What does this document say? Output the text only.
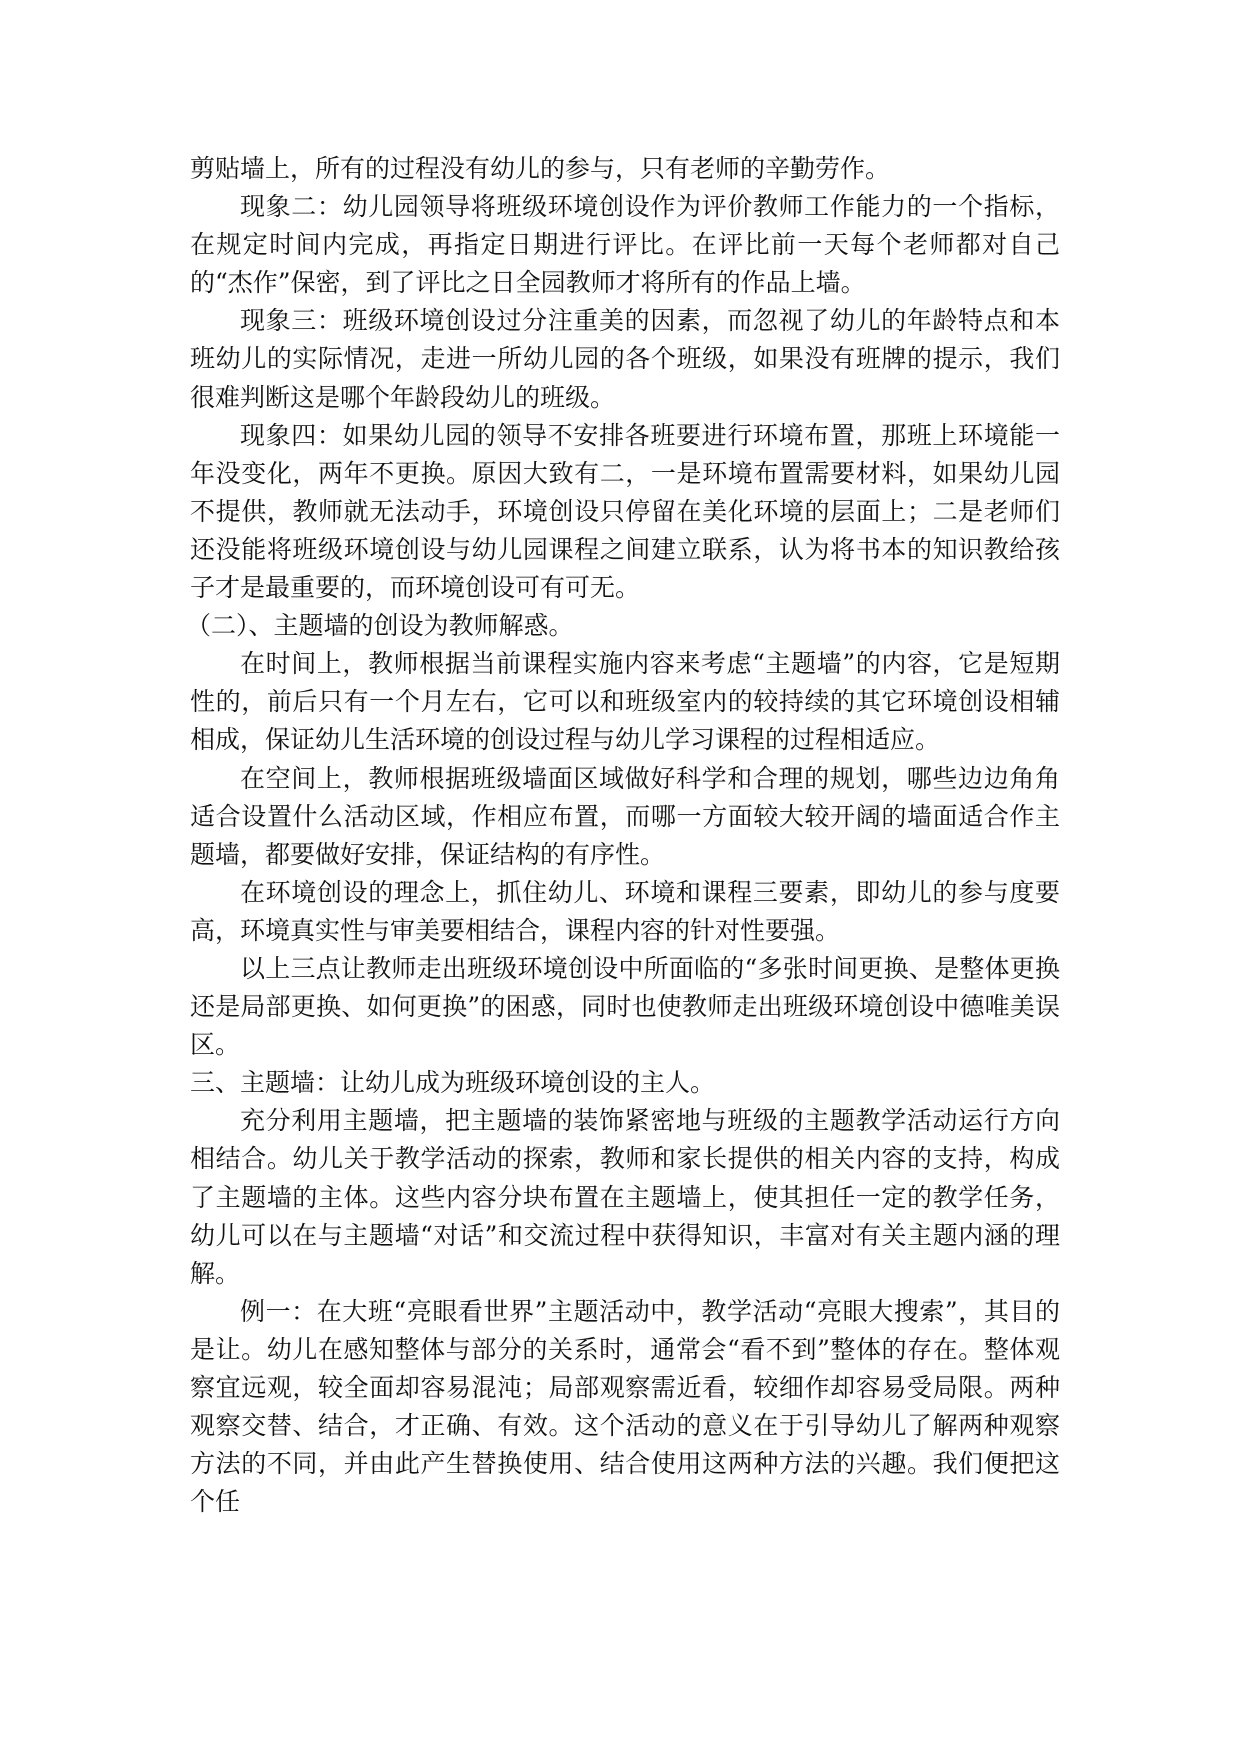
剪贴墙上，所有的过程没有幼儿的参与，只有老师的辛勤劳作。

现象二：幼儿园领导将班级环境创设作为评价教师工作能力的一个指标，在规定时间内完成，再指定日期进行评比。在评比前一天每个老师都对自己的“杰作”保密，到了评比之日全园教师才将所有的作品上墙。

现象三：班级环境创设过分注重美的因素，而忽视了幼儿的年龄特点和本班幼儿的实际情况，走进一所幼儿园的各个班级，如果没有班牌的提示，我们很难判断这是哪个年龄段幼儿的班级。

现象四：如果幼儿园的领导不安排各班要进行环境布置，那班上环境能一年没变化，两年不更换。原因大致有二，一是环境布置需要材料，如果幼儿园不提供，教师就无法动手，环境创设只停留在美化环境的层面上；二是老师们还没能将班级环境创设与幼儿园课程之间建立联系，认为将书本的知识教给孩子才是最重要的，而环境创设可有可无。

（二）、主题墙的创设为教师解惑。

在时间上，教师根据当前课程实施内容来考虑“主题墙”的内容，它是短期性的，前后只有一个月左右，它可以和班级室内的较持续的其它环境创设相辅相成，保证幼儿生活环境的创设过程与幼儿学习课程的过程相适应。

在空间上，教师根据班级墙面区域做好科学和合理的规划，哪些边边角角适合设置什么活动区域，作相应布置，而哪一方面较大较开阔的墙面适合作主题墙，都要做好安排，保证结构的有序性。

在环境创设的理念上，抓住幼儿、环境和课程三要素，即幼儿的参与度要高，环境真实性与审美要相结合，课程内容的针对性要强。

以上三点让教师走出班级环境创设中所面临的“多张时间更换、是整体更换还是局部更换、如何更换”的困惑，同时也使教师走出班级环境创设中德唯美误区。

三、主题墙：让幼儿成为班级环境创设的主人。

充分利用主题墙，把主题墙的装饰紧密地与班级的主题教学活动运行方向相结合。幼儿关于教学活动的探索，教师和家长提供的相关内容的支持，构成了主题墙的主体。这些内容分块布置在主题墙上，使其担任一定的教学任务，幼儿可以在与主题墙“对话”和交流过程中获得知识，丰富对有关主题内涵的理解。

例一：在大班“亮眼看世界”主题活动中，教学活动“亮眼大搜索”，其目的是让。幼儿在感知整体与部分的关系时，通常会“看不到”整体的存在。整体观察宜远观，较全面却容易混沌；局部观察需近看，较细作却容易受局限。两种观察交替、结合，才正确、有效。这个活动的意义在于引导幼儿了解两种观察方法的不同，并由此产生替换使用、结合使用这两种方法的兴趣。我们便把这个任
